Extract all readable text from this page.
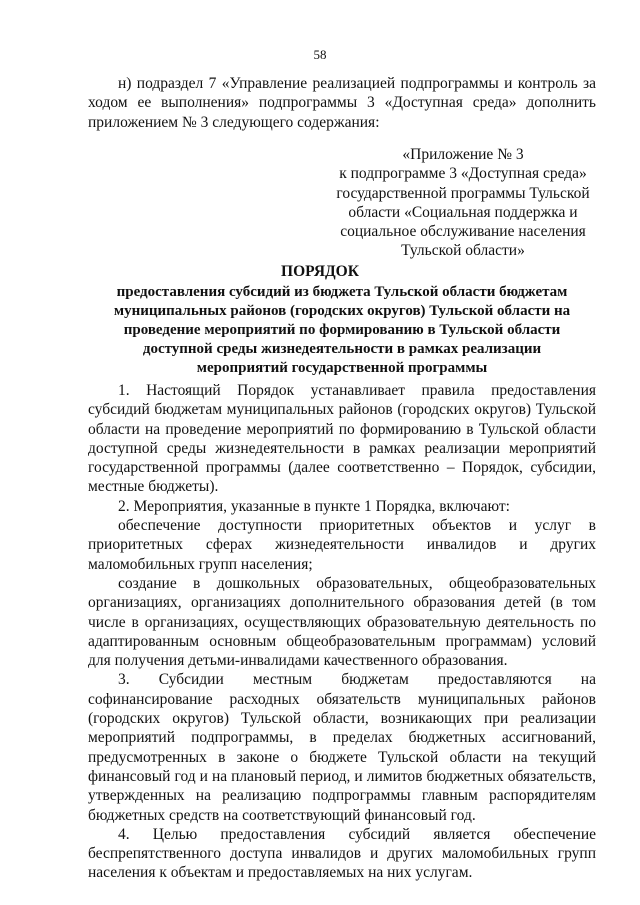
58
н) подраздел 7 «Управление реализацией подпрограммы и контроль за ходом ее выполнения» подпрограммы 3 «Доступная среда» дополнить приложением № 3 следующего содержания:
«Приложение № 3
к подпрограмме 3 «Доступная среда»
государственной программы Тульской
области «Социальная поддержка и
социальное обслуживание населения
Тульской области»
ПОРЯДОК
предоставления субсидий из бюджета Тульской области бюджетам
муниципальных районов (городских округов) Тульской области на
проведение мероприятий по формированию в Тульской области
доступной среды жизнедеятельности в рамках реализации
мероприятий государственной программы

1. Настоящий Порядок устанавливает правила предоставления субсидий бюджетам муниципальных районов (городских округов) Тульской области на проведение мероприятий по формированию в Тульской области доступной среды жизнедеятельности в рамках реализации мероприятий государственной программы (далее соответственно – Порядок, субсидии, местные бюджеты).

2. Мероприятия, указанные в пункте 1 Порядка, включают:

обеспечение доступности приоритетных объектов и услуг в приоритетных сферах жизнедеятельности инвалидов и других маломобильных групп населения;

создание в дошкольных образовательных, общеобразовательных организациях, организациях дополнительного образования детей (в том числе в организациях, осуществляющих образовательную деятельность по адаптированным основным общеобразовательным программам) условий для получения детьми-инвалидами качественного образования.

3. Субсидии местным бюджетам предоставляются на софинансирование расходных обязательств муниципальных районов (городских округов) Тульской области, возникающих при реализации мероприятий подпрограммы, в пределах бюджетных ассигнований, предусмотренных в законе о бюджете Тульской области на текущий финансовый год и на плановый период, и лимитов бюджетных обязательств, утвержденных на реализацию подпрограммы главным распорядителям бюджетных средств на соответствующий финансовый год.

4. Целью предоставления субсидий является обеспечение беспрепятственного доступа инвалидов и других маломобильных групп населения к объектам и предоставляемых на них услугам.
